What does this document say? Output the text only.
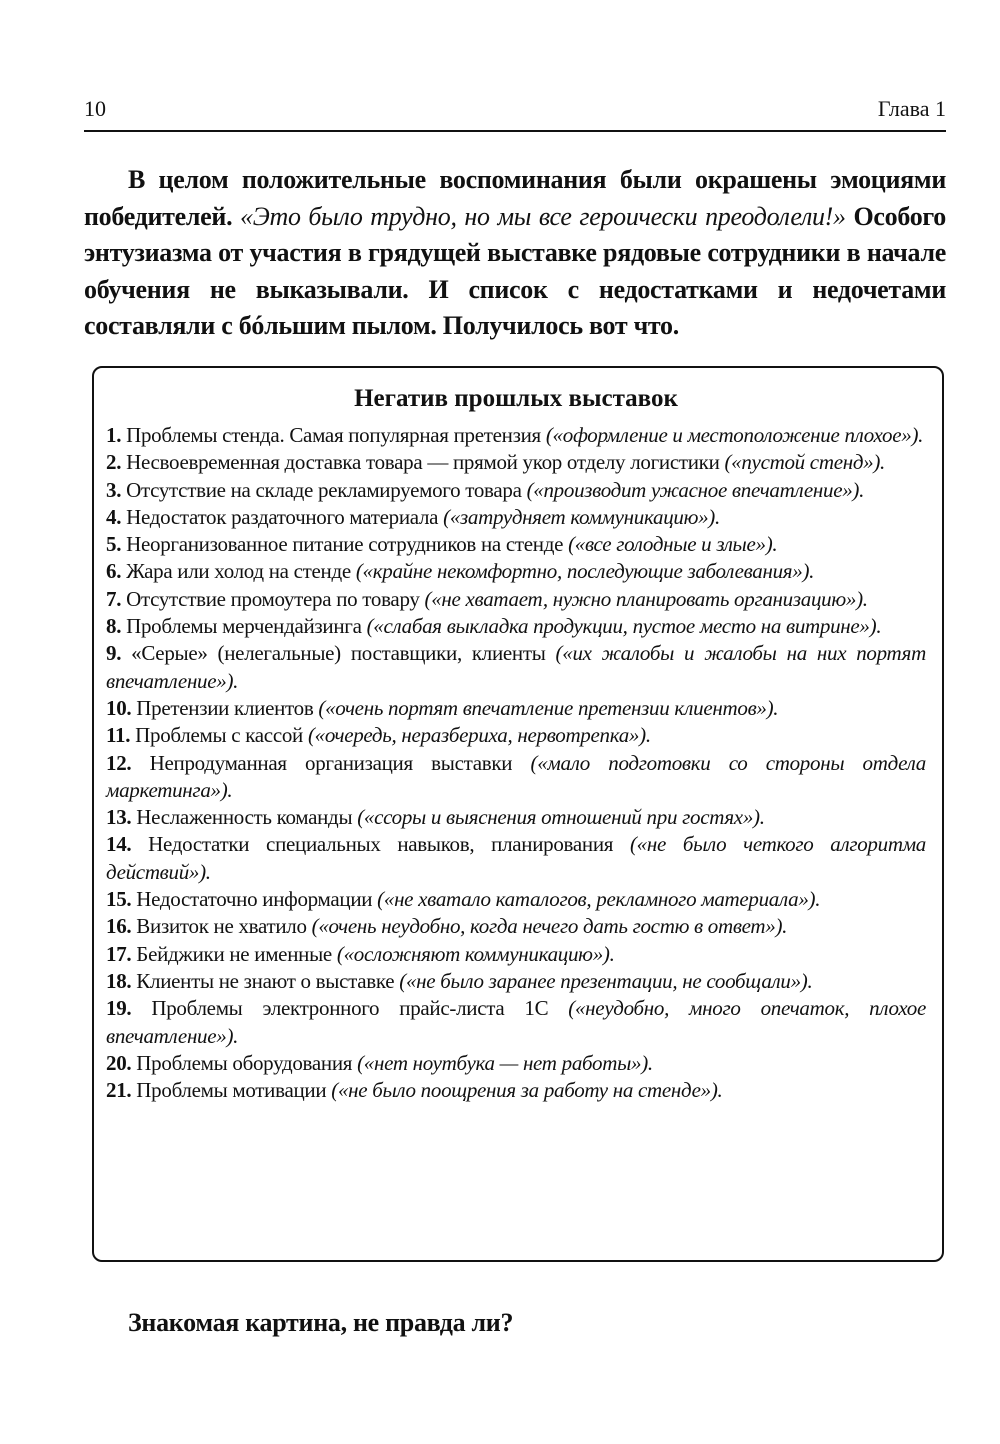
10	Глава 1

В целом положительные воспоминания были окрашены эмоциями победителей. «Это было трудно, но мы все героически преодолели!» Особого энтузиазма от участия в грядущей выставке рядовые сотрудники в начале обучения не выказывали. И список с недостатками и недочетами составляли с бóльшим пылом. Получилось вот что.

Негатив прошлых выставок
1. Проблемы стенда. Самая популярная претензия («оформление и местоположение плохое»).
2. Несвоевременная доставка товара — прямой укор отделу логистики («пустой стенд»).
3. Отсутствие на складе рекламируемого товара («производит ужасное впечатление»).
4. Недостаток раздаточного материала («затрудняет коммуникацию»).
5. Неорганизованное питание сотрудников на стенде («все голодные и злые»).
6. Жара или холод на стенде («крайне некомфортно, последующие заболевания»).
7. Отсутствие промоутера по товару («не хватает, нужно планировать организацию»).
8. Проблемы мерчендайзинга («слабая выкладка продукции, пустое место на витрине»).
9. «Серые» (нелегальные) поставщики, клиенты («их жалобы и жалобы на них портят впечатление»).
10. Претензии клиентов («очень портят впечатление претензии клиентов»).
11. Проблемы с кассой («очередь, неразбериха, нервотрепка»).
12. Непродуманная организация выставки («мало подготовки со стороны отдела маркетинга»).
13. Неслаженность команды («ссоры и выяснения отношений при гостях»).
14. Недостатки специальных навыков, планирования («не было четкого алгоритма действий»).
15. Недостаточно информации («не хватало каталогов, рекламного материала»).
16. Визиток не хватило («очень неудобно, когда нечего дать гостю в ответ»).
17. Бейджики не именные («осложняют коммуникацию»).
18. Клиенты не знают о выставке («не было заранее презентации, не сообщали»).
19. Проблемы электронного прайс-листа 1С («неудобно, много опечаток, плохое впечатление»).
20. Проблемы оборудования («нет ноутбука — нет работы»).
21. Проблемы мотивации («не было поощрения за работу на стенде»).
Знакомая картина, не правда ли?
